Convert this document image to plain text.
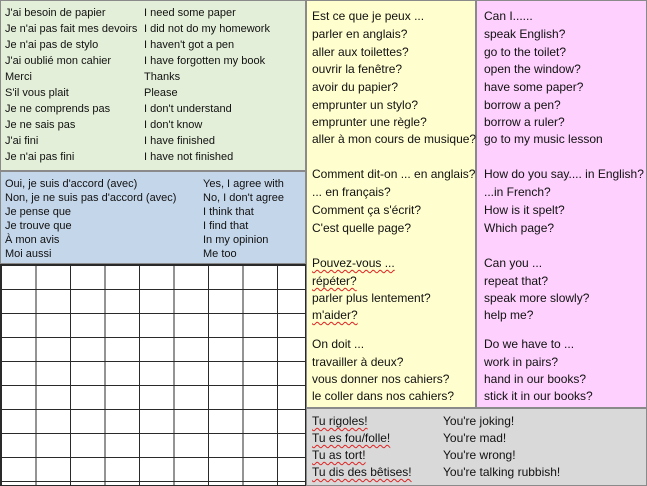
J'ai besoin de papier
Je n'ai pas fait mes devoirs
Je n'ai pas de stylo
J'ai oublié mon cahier
Merci
S'il vous plait
Je ne comprends pas
Je ne sais pas
J'ai fini
Je n'ai pas fini
I need some paper
I did not do my homework
I haven't got a pen
I have forgotten my book
Thanks
Please
I don't understand
I don't know
I have finished
I have not finished
Oui, je suis d'accord (avec)
Non, je ne suis pas d'accord (avec)
Je pense que
Je trouve que
À mon avis
Moi aussi
Yes, I agree with
No, I don't agree
I think that
I find that
In my opinion
Me too
Est ce que je peux ...
parler en anglais?
aller aux toilettes?
ouvrir la fenêtre?
avoir du papier?
emprunter un stylo?
emprunter une règle?
aller à mon cours de musique?
Comment dit-on ... en anglais?
... en français?
Comment ça s'écrit?
C'est quelle page?
Pouvez-vous ...
répéter?
parler plus lentement?
m'aider?
On doit ...
travailler à deux?
vous donner nos cahiers?
le coller dans nos cahiers?
Can I......
speak English?
go to the toilet?
open the window?
have some paper?
borrow a pen?
borrow a ruler?
go to my music lesson
How do you say.... in English?
...in French?
How is it spelt?
Which page?
Can you ...
repeat that?
speak more slowly?
help me?
Do we have to ...
work in pairs?
hand in our books?
stick it in our books?
Tu rigoles!
Tu es fou/folle!
Tu as tort!
Tu dis des bêtises!
You're joking!
You're mad!
You're wrong!
You're talking rubbish!
